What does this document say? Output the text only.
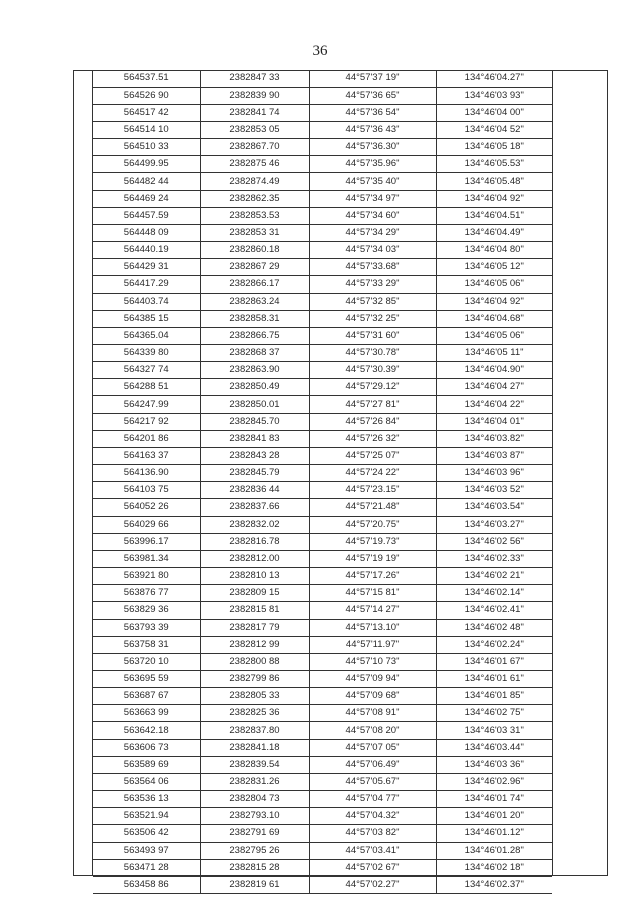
36
564537.51	2382847 33	44°57'37 19"	134°46'04.27"
564526 90	2382839 90	44°57'36 65"	134°46'03 93"
564517 42	2382841 74	44°57'36 54"	134°46'04 00"
564514 10	2382853 05	44°57'36 43"	134°46'04 52"
564510 33	2382867.70	44°57'36.30"	134°46'05 18"
564499.95	2382875 46	44°57'35.96"	134°46'05.53"
564482 44	2382874.49	44°57'35 40"	134°46'05.48"
564469 24	2382862.35	44°57'34 97"	134°46'04 92"
564457.59	2382853.53	44°57'34 60"	134°46'04.51"
564448 09	2382853 31	44°57'34 29"	134°46'04.49"
564440.19	2382860.18	44°57'34 03"	134°46'04 80"
564429 31	2382867 29	44°57'33.68"	134°46'05 12"
564417.29	2382866.17	44°57'33 29"	134°46'05 06"
564403.74	2382863.24	44°57'32 85"	134°46'04 92"
564385 15	2382858.31	44°57'32 25"	134°46'04.68"
564365.04	2382866.75	44°57'31 60"	134°46'05 06"
564339 80	2382868 37	44°57'30.78"	134°46'05 11"
564327 74	2382863.90	44°57'30.39"	134°46'04.90"
564288 51	2382850.49	44°57'29.12"	134°46'04 27"
564247.99	2382850.01	44°57'27 81"	134°46'04 22"
564217 92	2382845.70	44°57'26 84"	134°46'04 01"
564201 86	2382841 83	44°57'26 32"	134°46'03.82"
564163 37	2382843 28	44°57'25 07"	134°46'03 87"
564136.90	2382845.79	44°57'24 22"	134°46'03 96"
564103 75	2382836 44	44°57'23.15"	134°46'03 52"
564052 26	2382837.66	44°57'21.48"	134°46'03.54"
564029 66	2382832.02	44°57'20.75"	134°46'03.27"
563996.17	2382816.78	44°57'19.73"	134°46'02 56"
563981.34	2382812.00	44°57'19 19"	134°46'02.33"
563921 80	2382810 13	44°57'17.26"	134°46'02 21"
563876 77	2382809 15	44°57'15 81"	134°46'02.14"
563829 36	2382815 81	44°57'14 27"	134°46'02.41"
563793 39	2382817 79	44°57'13.10"	134°46'02 48"
563758 31	2382812 99	44°57'11.97"	134°46'02.24"
563720 10	2382800 88	44°57'10 73"	134°46'01 67"
563695 59	2382799 86	44°57'09 94"	134°46'01 61"
563687 67	2382805 33	44°57'09 68"	134°46'01 85"
563663 99	2382825 36	44°57'08 91"	134°46'02 75"
563642.18	2382837.80	44°57'08 20"	134°46'03 31"
563606 73	2382841.18	44°57'07 05"	134°46'03.44"
563589 69	2382839.54	44°57'06.49"	134°46'03 36"
563564 06	2382831.26	44°57'05.67"	134°46'02.96"
563536 13	2382804 73	44°57'04 77"	134°46'01 74"
563521.94	2382793.10	44°57'04.32"	134°46'01 20"
563506 42	2382791 69	44°57'03 82"	134°46'01.12"
563493 97	2382795 26	44°57'03.41"	134°46'01.28"
563471 28	2382815 28	44°57'02 67"	134°46'02 18"
563458 86	2382819 61	44°57'02.27"	134°46'02.37"
